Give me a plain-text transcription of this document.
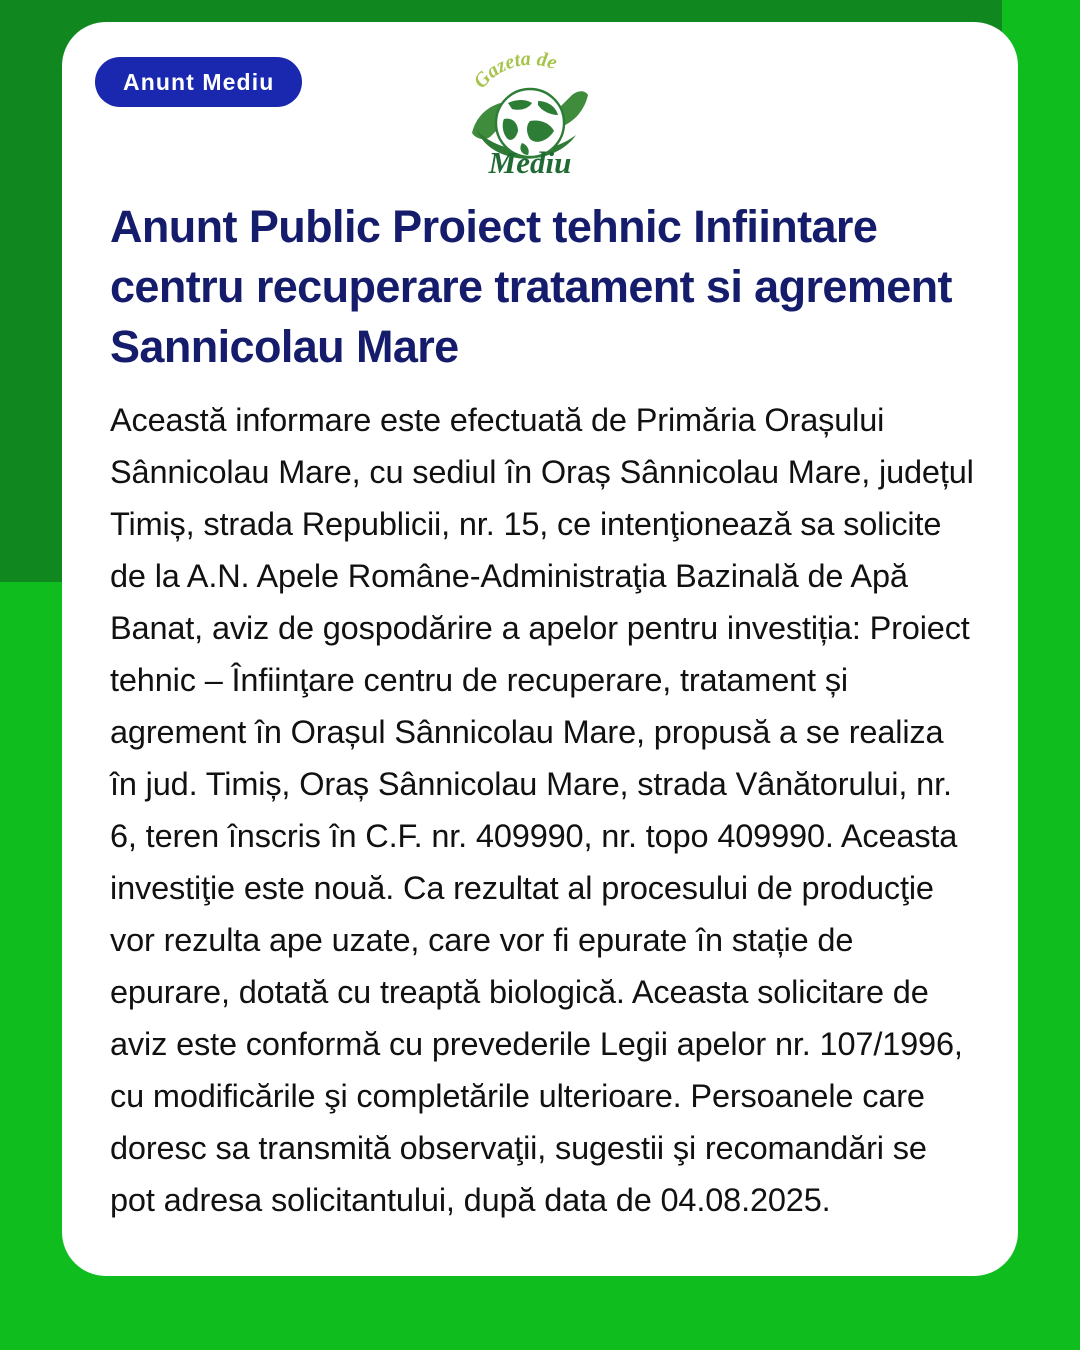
Anunt Mediu	Gazeta de
Mediu
Anunt Public Proiect tehnic Infiintare centru recuperare tratament si agrement Sannicolau Mare

Această informare este efectuată de Primăria Orașului Sânnicolau Mare, cu sediul în Oraș Sânnicolau Mare, județul Timiș, strada Republicii, nr. 15, ce intenţionează sa solicite de la A.N. Apele Române-Administraţia Bazinală de Apă Banat, aviz de gospodărire a apelor pentru investiția: Proiect tehnic – Înfiinţare centru de recuperare, tratament și agrement în Orașul Sânnicolau Mare, propusă a se realiza în jud. Timiș, Oraș Sânnicolau Mare, strada Vânătorului, nr. 6, teren înscris în C.F. nr. 409990, nr. topo 409990. Aceasta investiţie este nouă. Ca rezultat al procesului de producţie vor rezulta ape uzate, care vor fi epurate în stație de epurare, dotată cu treaptă biologică. Aceasta solicitare de aviz este conformă cu prevederile Legii apelor nr. 107/1996, cu modificările şi completările ulterioare. Persoanele care doresc sa transmită observaţii, sugestii şi recomandări se pot adresa solicitantului, după data de 04.08.2025.
